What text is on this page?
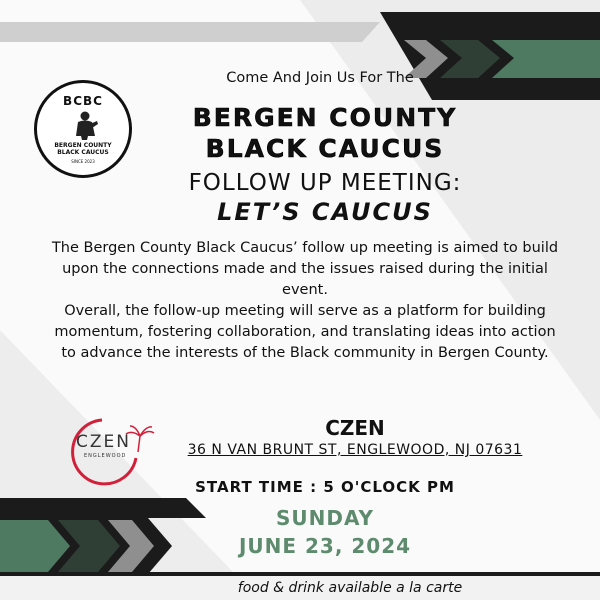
BCBC
BERGEN COUNTY
BLACK CAUCUS
SINCE 2023
Come And Join Us For The
BERGEN COUNTY BLACK CAUCUS
FOLLOW UP MEETING:
LET’S CAUCUS
The Bergen County Black Caucus’ follow up meeting is aimed to build upon the connections made and the issues raised during the initial event.
Overall, the follow-up meeting will serve as a platform for building momentum, fostering collaboration, and translating ideas into action to advance the interests of the Black community in Bergen County.
CZEN
ENGLEWOOD
CZEN
36 N VAN BRUNT ST, ENGLEWOOD, NJ 07631
START TIME : 5 O'CLOCK PM
SUNDAY
JUNE 23, 2024
food & drink available a la carte
